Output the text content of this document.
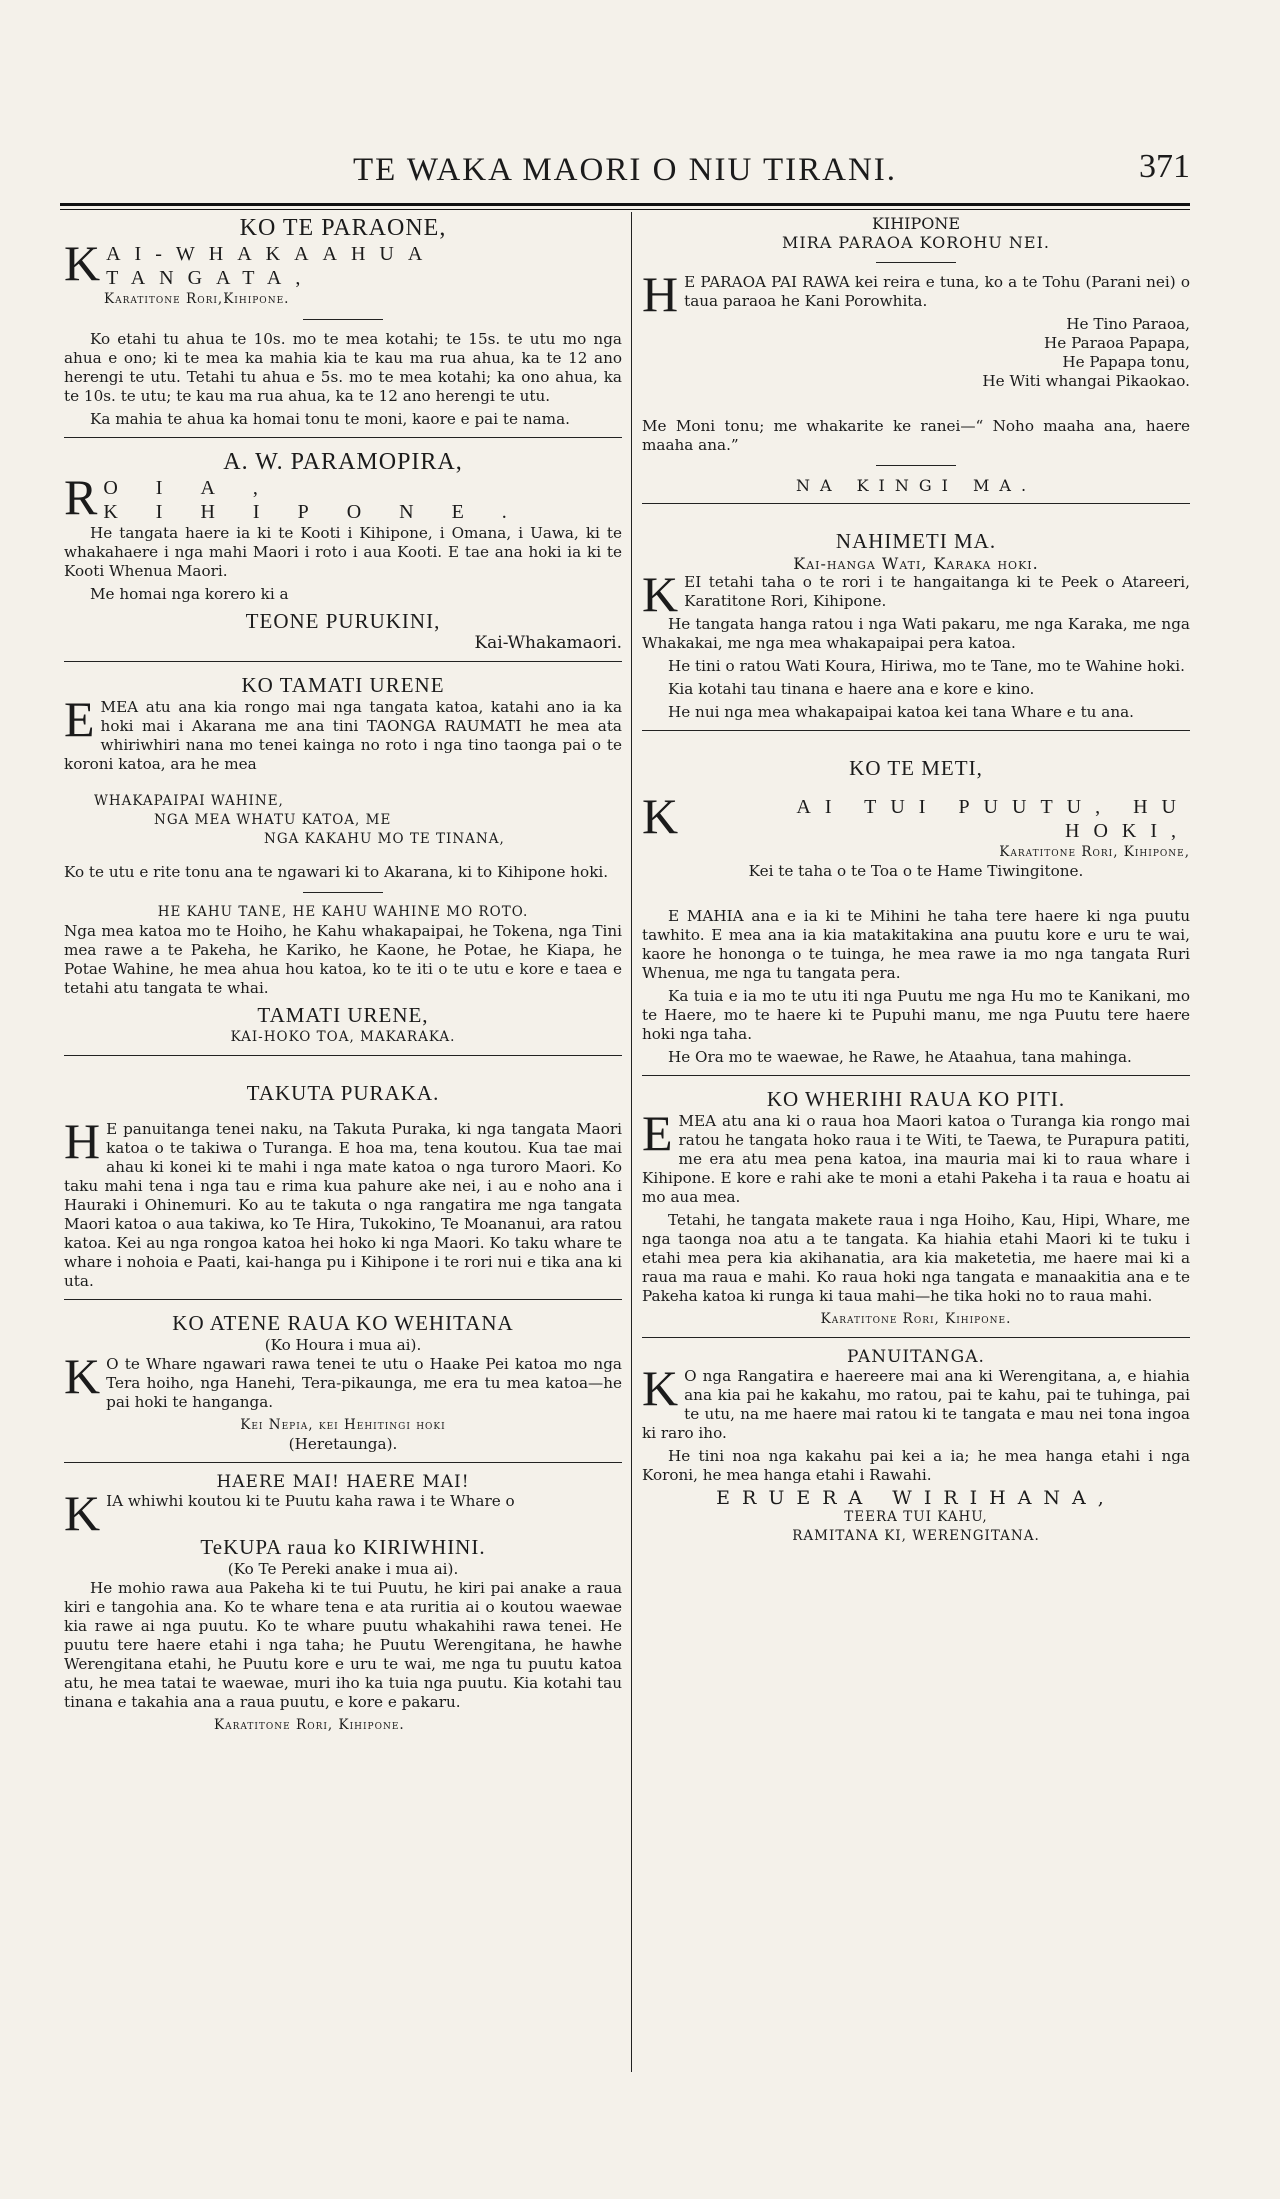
TE WAKA MAORI O NIU TIRANI.	371
KO TE PARAONE,
K AI-WHAKAAHUA TANGATA,
Karatitone Rori,Kihipone.

Ko etahi tu ahua te 10s. mo te mea kotahi; te 15s. te utu mo nga ahua e ono; ki te mea ka mahia kia te kau ma rua ahua, ka te 12 ano herengi te utu. Tetahi tu ahua e 5s. mo te mea kotahi; ka ono ahua, ka te 10s. te utu; te kau ma rua ahua, ka te 12 ano herengi te utu.

Ka mahia te ahua ka homai tonu te moni, kaore e pai te nama.

A. W. PARAMOPIRA,
R OIA, KIHIPONE.

He tangata haere ia ki te Kooti i Kihipone, i Omana, i Uawa, ki te whakahaere i nga mahi Maori i roto i aua Kooti. E tae ana hoki ia ki te Kooti Whenua Maori.

Me homai nga korero ki a

TEONE PURUKINI,
Kai-Whakamaori.
KO TAMATI URENE
E MEA atu ana kia rongo mai nga tangata katoa, katahi ano ia ka hoki mai i Akarana me ana tini TAONGA RAUMATI he mea ata whiriwhiri nana mo tenei kainga no roto i nga tino taonga pai o te koroni katoa, ara he mea

WHAKAPAIPAI WAHINE,
NGA MEA WHATU KATOA, ME
NGA KAKAHU MO TE TINANA,

Ko te utu e rite tonu ana te ngawari ki to Akarana, ki to Kihipone hoki.

HE KAHU TANE, HE KAHU WAHINE MO ROTO.

Nga mea katoa mo te Hoiho, he Kahu whakapaipai, he Tokena, nga Tini mea rawe a te Pakeha, he Kariko, he Kaone, he Potae, he Kiapa, he Potae Wahine, he mea ahua hou katoa, ko te iti o te utu e kore e taea e tetahi atu tangata te whai.

TAMATI URENE,
KAI-HOKO TOA, MAKARAKA.
TAKUTA PURAKA.
H E panuitanga tenei naku, na Takuta Puraka, ki nga tangata Maori katoa o te takiwa o Turanga. E hoa ma, tena koutou. Kua tae mai ahau ki konei ki te mahi i nga mate katoa o nga turoro Maori. Ko taku mahi tena i nga tau e rima kua pahure ake nei, i au e noho ana i Hauraki i Ohinemuri. Ko au te takuta o nga rangatira me nga tangata Maori katoa o aua takiwa, ko Te Hira, Tukokino, Te Moananui, ara ratou katoa. Kei au nga rongoa katoa hei hoko ki nga Maori. Ko taku whare te whare i nohoia e Paati, kai-hanga pu i Kihipone i te rori nui e tika ana ki uta.

KO ATENE RAUA KO WEHITANA
(Ko Houra i mua ai).
K O te Whare ngawari rawa tenei te utu o Haake Pei katoa mo nga Tera hoiho, nga Hanehi, Tera-pikaunga, me era tu mea katoa—he pai hoki te hanganga.

Kei Nepia, kei Hehitingi hoki
(Heretaunga).
HAERE MAI! HAERE MAI!
K IA whiwhi koutou ki te Puutu kaha rawa i te Whare o

TeKUPA raua ko KIRIWHINI.
(Ko Te Pereki anake i mua ai).

He mohio rawa aua Pakeha ki te tui Puutu, he kiri pai anake a raua kiri e tangohia ana. Ko te whare tena e ata ruritia ai o koutou waewae kia rawe ai nga puutu. Ko te whare puutu whakahihi rawa tenei. He puutu tere haere etahi i nga taha; he Puutu Werengitana, he hawhe Werengitana etahi, he Puutu kore e uru te wai, me nga tu puutu katoa atu, he mea tatai te waewae, muri iho ka tuia nga puutu. Kia kotahi tau tinana e takahia ana a raua puutu, e kore e pakaru.

Karatitone Rori, Kihipone.
KIHIPONE
MIRA PARAOA KOROHU NEI.
H E PARAOA PAI RAWA kei reira e tuna, ko a te Tohu (Parani nei) o taua paraoa he Kani Porowhita.

He Tino Paraoa,
He Paraoa Papapa,
He Papapa tonu,
He Witi whangai Pikaokao.

Me Moni tonu; me whakarite ke ranei—“ Noho maaha ana, haere maaha ana.”

NA KINGI MA.
NAHIMETI MA.
Kai-hanga Wati, Karaka hoki.
K EI tetahi taha o te rori i te hangaitanga ki te Peek o Atareeri, Karatitone Rori, Kihipone.

He tangata hanga ratou i nga Wati pakaru, me nga Karaka, me nga Whakakai, me nga mea whakapaipai pera katoa.

He tini o ratou Wati Koura, Hiriwa, mo te Tane, mo te Wahine hoki.

Kia kotahi tau tinana e haere ana e kore e kino.

He nui nga mea whakapaipai katoa kei tana Whare e tu ana.

KO TE METI,
K	AI TUI PUUTU, HU HOKI,
Karatitone Rori, Kihipone,
Kei te taha o te Toa o te Hame Tiwingitone.

E MAHIA ana e ia ki te Mihini he taha tere haere ki nga puutu tawhito. E mea ana ia kia matakitakina ana puutu kore e uru te wai, kaore he hononga o te tuinga, he mea rawe ia mo nga tangata Ruri Whenua, me nga tu tangata pera.

Ka tuia e ia mo te utu iti nga Puutu me nga Hu mo te Kanikani, mo te Haere, mo te haere ki te Pupuhi manu, me nga Puutu tere haere hoki nga taha.

He Ora mo te waewae, he Rawe, he Ataahua, tana mahinga.

KO WHERIHI RAUA KO PITI.
E MEA atu ana ki o raua hoa Maori katoa o Turanga kia rongo mai ratou he tangata hoko raua i te Witi, te Taewa, te Purapura patiti, me era atu mea pena katoa, ina mauria mai ki to raua whare i Kihipone. E kore e rahi ake te moni a etahi Pakeha i ta raua e hoatu ai mo aua mea.

Tetahi, he tangata makete raua i nga Hoiho, Kau, Hipi, Whare, me nga taonga noa atu a te tangata. Ka hiahia etahi Maori ki te tuku i etahi mea pera kia akihanatia, ara kia maketetia, me haere mai ki a raua ma raua e mahi. Ko raua hoki nga tangata e manaakitia ana e te Pakeha katoa ki runga ki taua mahi—he tika hoki no to raua mahi.

Karatitone Rori, Kihipone.
PANUITANGA.
K O nga Rangatira e haereere mai ana ki Werengitana, a, e hiahia ana kia pai he kakahu, mo ratou, pai te kahu, pai te tuhinga, pai te utu, na me haere mai ratou ki te tangata e mau nei tona ingoa ki raro iho.

He tini noa nga kakahu pai kei a ia; he mea hanga etahi i nga Koroni, he mea hanga etahi i Rawahi.

ERUERA WIRIHANA,
TEERA TUI KAHU,
RAMITANA KI, WERENGITANA.
